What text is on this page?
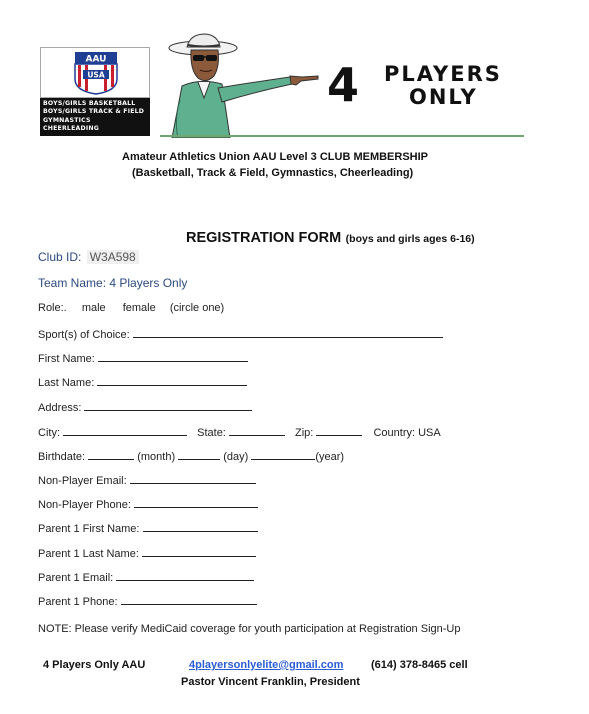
AAU
USA
BOYS/GIRLS BASKETBALL
BOYS/GIRLS TRACK & FIELD
GYMNASTICS
CHEERLEADING
4 PLAYERS
ONLY
Amateur Athletics Union AAU Level 3 CLUB MEMBERSHIP
(Basketball, Track & Field, Gymnastics, Cheerleading)
REGISTRATION FORM (boys and girls ages 6-16)
Club ID: W3A598
Team Name: 4 Players Only
Role:. male female (circle one)
Sport(s) of Choice:
First Name:
Last Name:
Address:
City:	State:	Zip:	Country: USA
Birthdate:	(month)	(day)	(year)
Non-Player Email:
Non-Player Phone:
Parent 1 First Name:
Parent 1 Last Name:
Parent 1 Email:
Parent 1 Phone:
NOTE: Please verify MediCaid coverage for youth participation at Registration Sign-Up
4 Players Only AAU	4playersonlyelite@gmail.com	(614) 378-8465 cell
Pastor Vincent Franklin, President
